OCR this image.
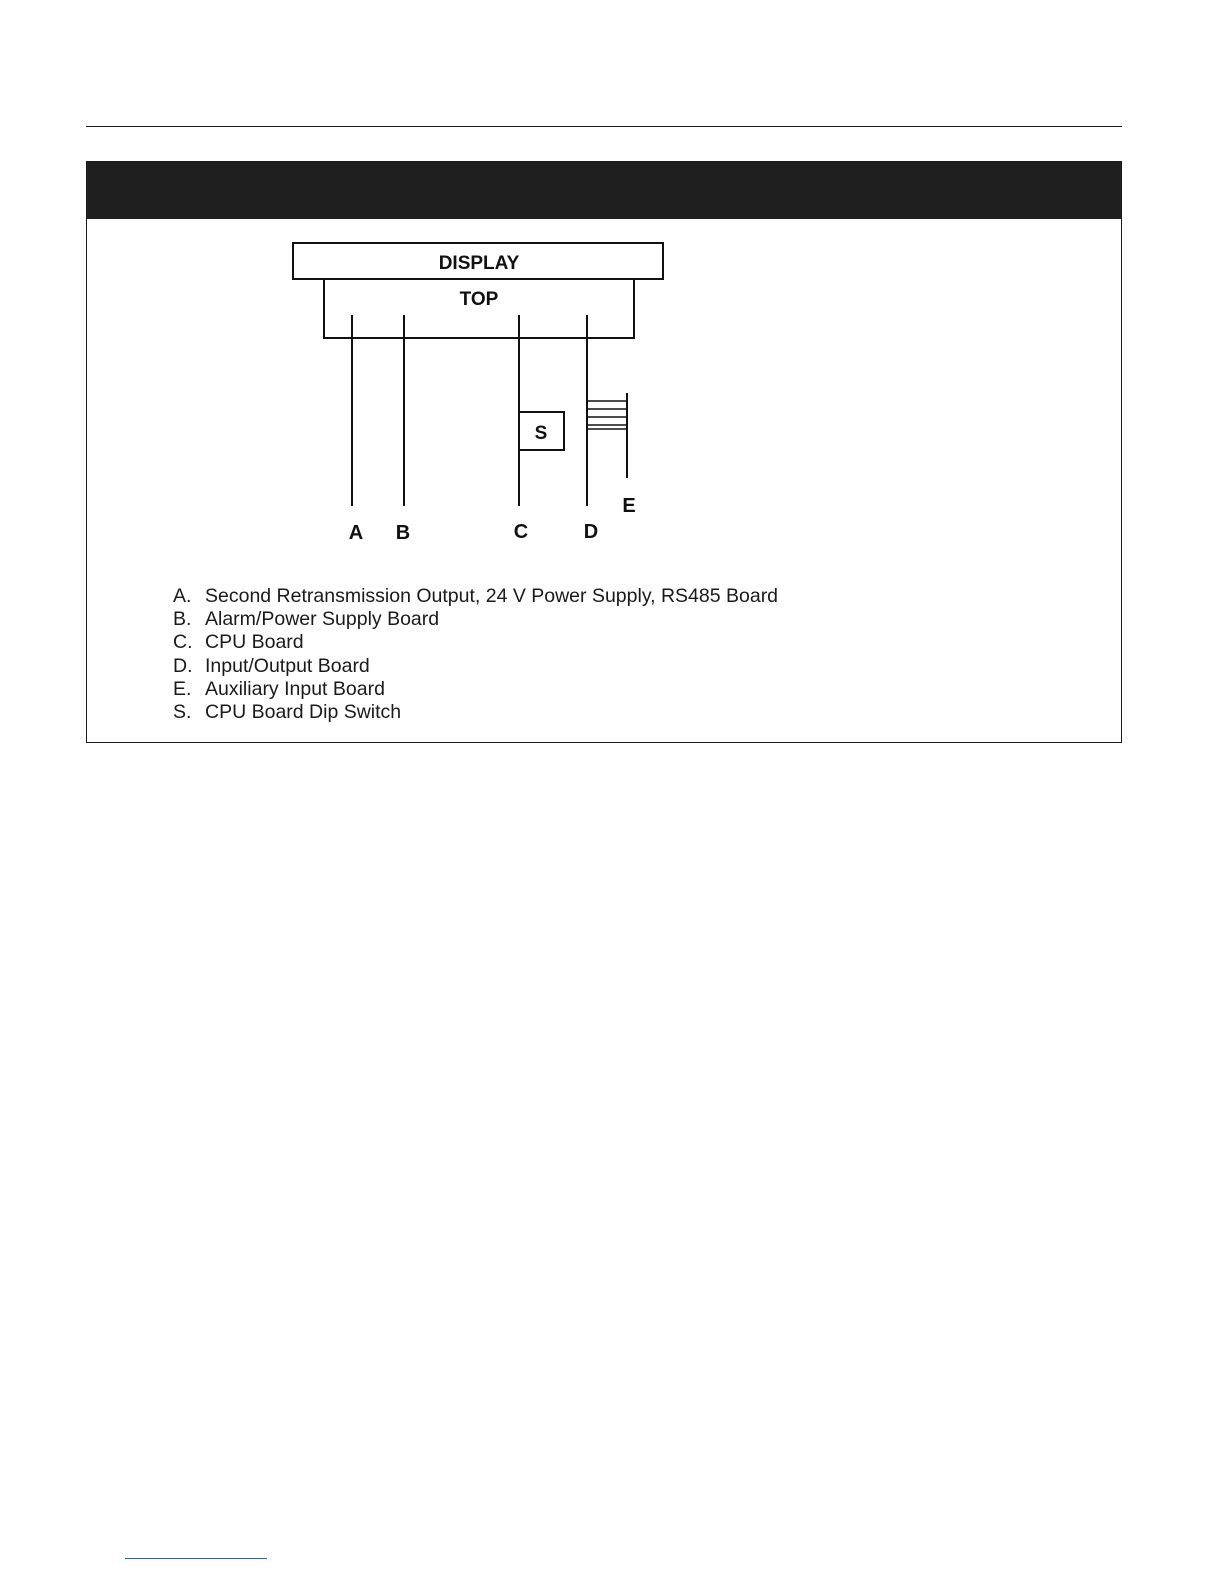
DISPLAY
TOP
S
A B	C	D
E
A. Second Retransmission Output, 24 V Power Supply, RS485 Board
B. Alarm/Power Supply Board
C. CPU Board
D. Input/Output Board
E. Auxiliary Input Board
S. CPU Board Dip Switch
